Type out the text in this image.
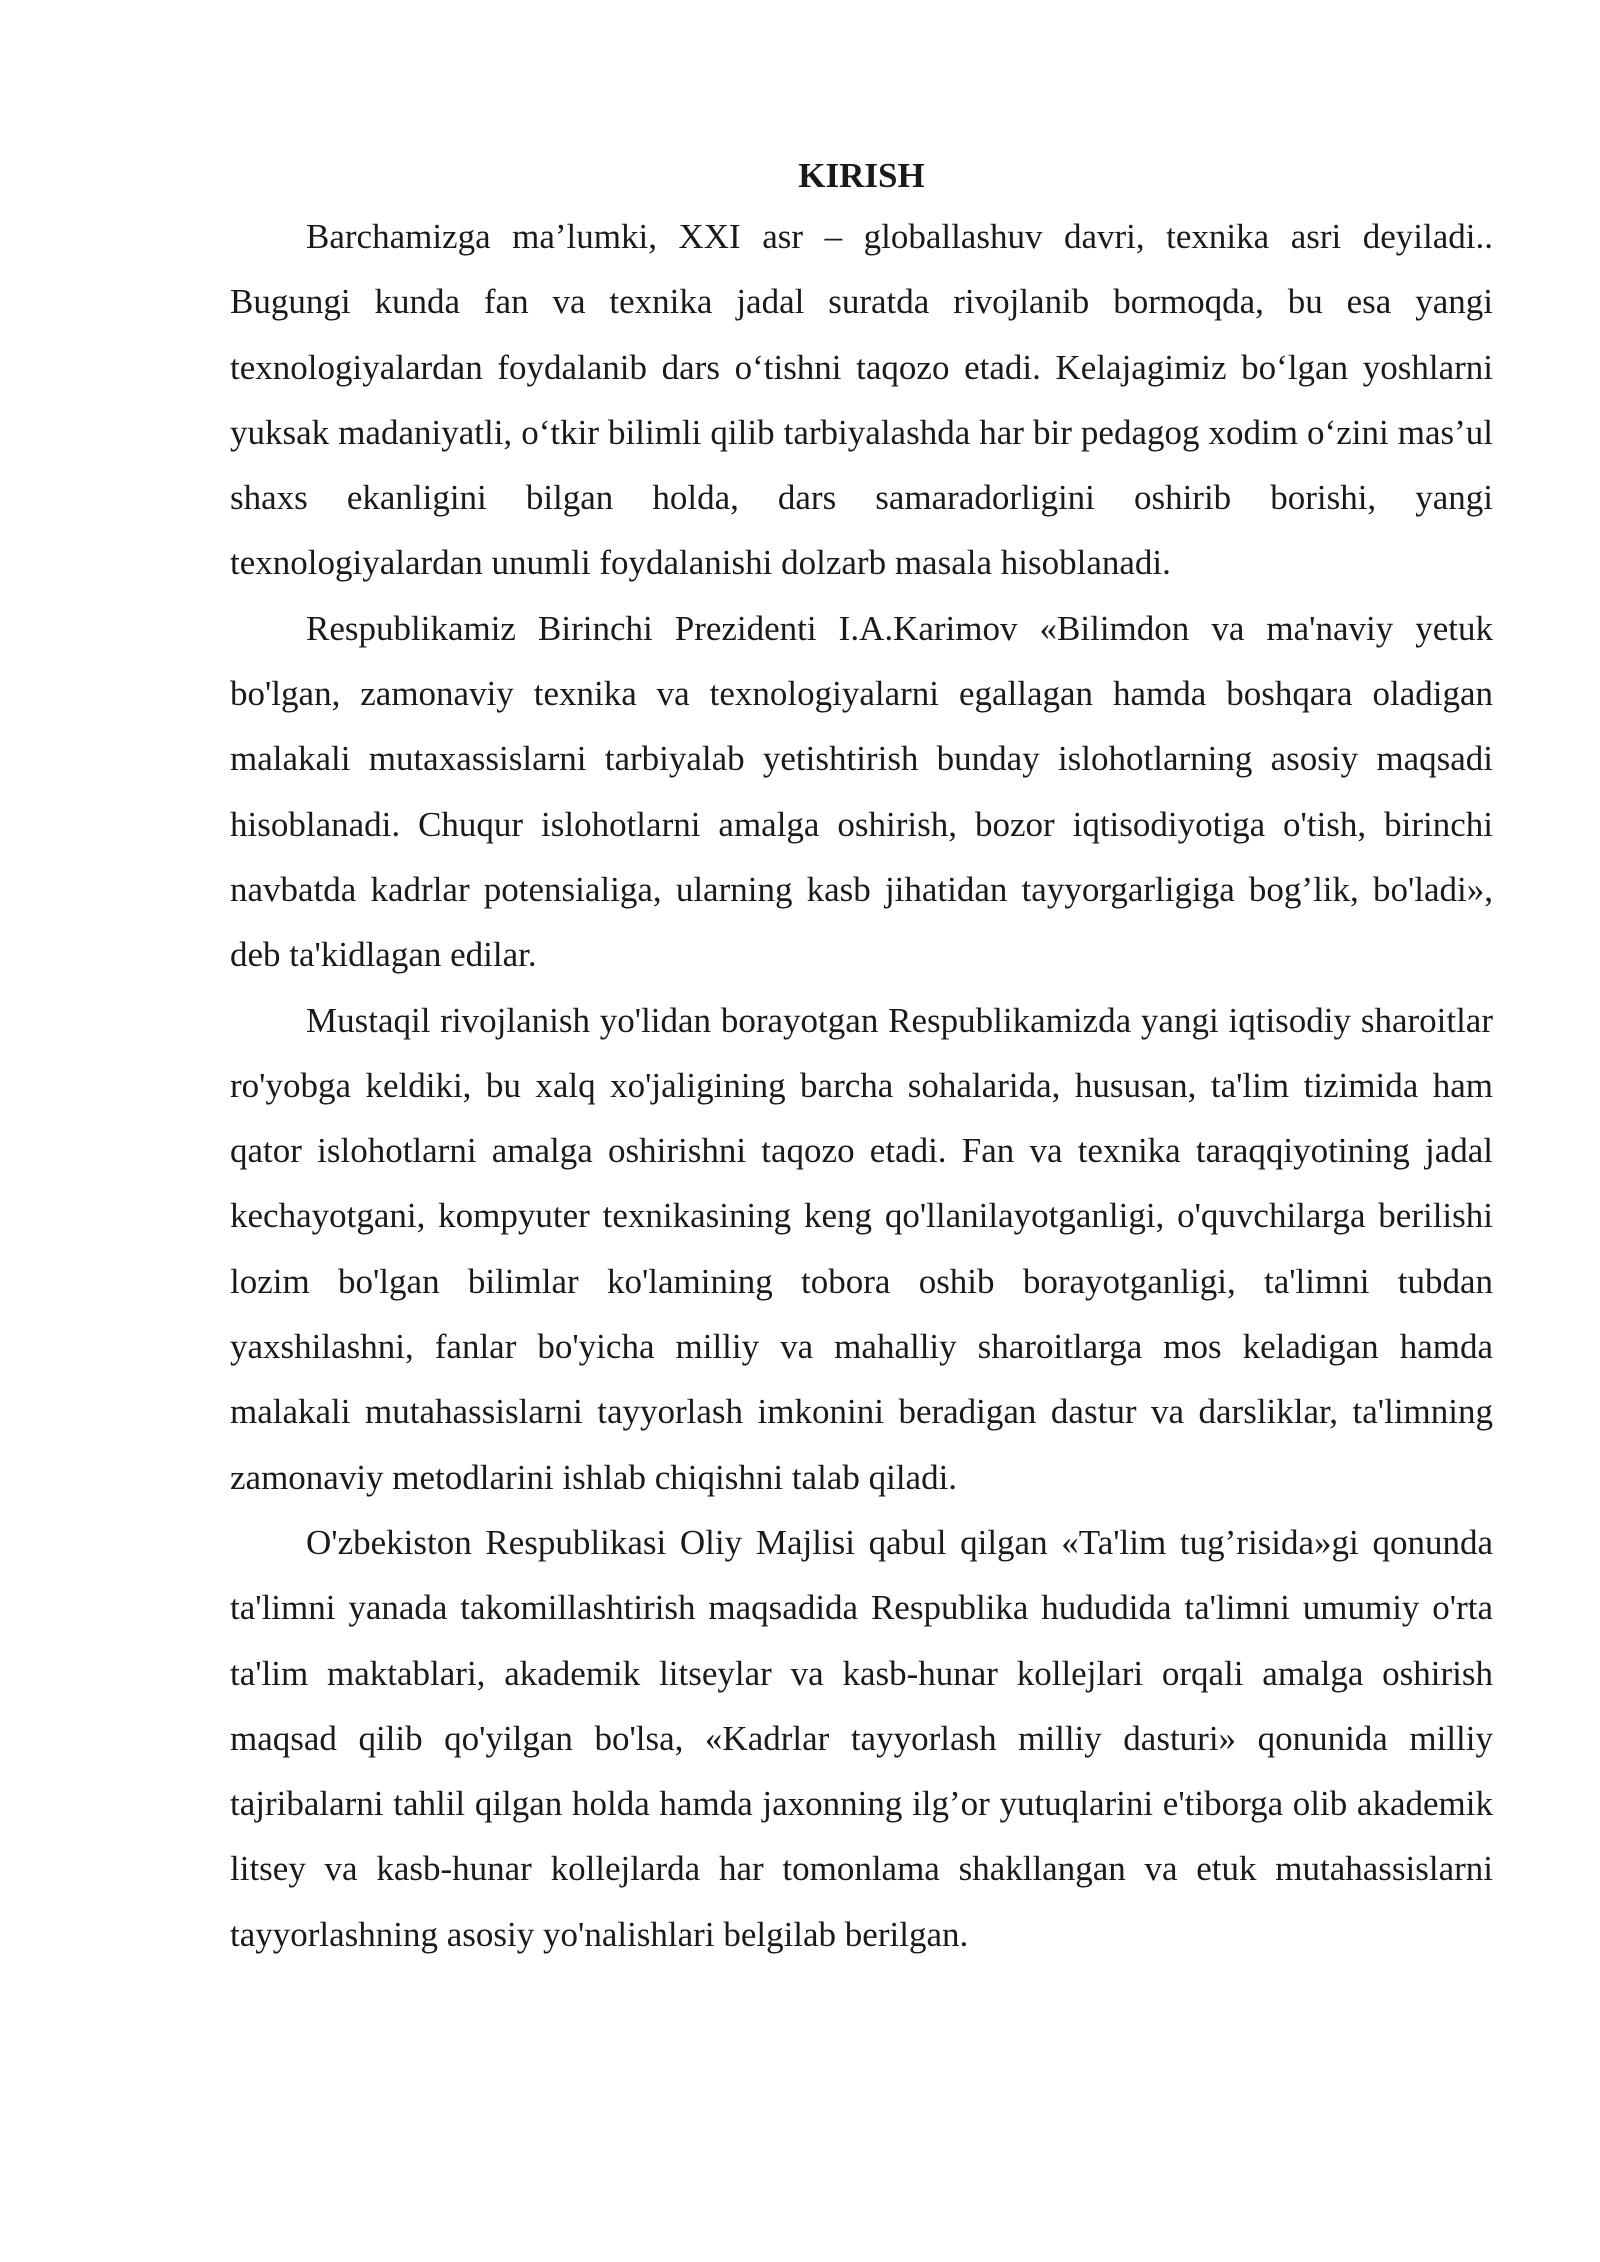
KIRISH

Barchamizga ma’lumki, XXI asr – globallashuv davri, texnika asri deyiladi.. Bugungi kunda fan va texnika jadal suratda rivojlanib bormoqda, bu esa yangi texnologiyalardan foydalanib dars o‘tishni taqozo etadi. Kelajagimiz bo‘lgan yoshlarni yuksak madaniyatli, o‘tkir bilimli qilib tarbiyalashda har bir pedagog xodim o‘zini mas’ul shaxs ekanligini bilgan holda, dars samaradorligini oshirib borishi, yangi texnologiyalardan unumli foydalanishi dolzarb masala hisoblanadi.

Respublikamiz Birinchi Prezidenti I.A.Karimov «Bilimdon va ma'naviy yetuk bo'lgan, zamonaviy texnika va texnologiyalarni egallagan hamda boshqara oladigan malakali mutaxassislarni tarbiyalab yetishtirish bunday islohotlarning asosiy maqsadi hisoblanadi. Chuqur islohotlarni amalga oshirish, bozor iqtisodiyotiga o'tish, birinchi navbatda kadrlar potensialiga, ularning kasb jihatidan tayyorgarligiga bog’lik, bo'ladi», deb ta'kidlagan edilar.

Mustaqil rivojlanish yo'lidan borayotgan Respublikamizda yangi iqtisodiy sharoitlar ro'yobga keldiki, bu xalq xo'jaligining barcha sohalarida, hususan, ta'lim tizimida ham qator islohotlarni amalga oshirishni taqozo etadi. Fan va texnika taraqqiyotining jadal kechayotgani, kompyuter texnikasining keng qo'llanilayotganligi, o'quvchilarga berilishi lozim bo'lgan bilimlar ko'lamining tobora oshib borayotganligi, ta'limni tubdan yaxshilashni, fanlar bo'yicha milliy va mahalliy sharoitlarga mos keladigan hamda malakali mutahassislarni tayyorlash imkonini beradigan dastur va darsliklar, ta'limning zamonaviy metodlarini ishlab chiqishni talab qiladi.

O'zbekiston Respublikasi Oliy Majlisi qabul qilgan «Ta'lim tug’risida»gi qonunda ta'limni yanada takomillashtirish maqsadida Respublika hududida ta'limni umumiy o'rta ta'lim maktablari, akademik litseylar va kasb-hunar kollejlari orqali amalga oshirish maqsad qilib qo'yilgan bo'lsa, «Kadrlar tayyorlash milliy dasturi» qonunida milliy tajribalarni tahlil qilgan holda hamda jaxonning ilg’or yutuqlarini e'tiborga olib akademik litsey va kasb-hunar kollejlarda har tomonlama shakllangan va etuk mutahassislarni tayyorlashning asosiy yo'nalishlari belgilab berilgan.
